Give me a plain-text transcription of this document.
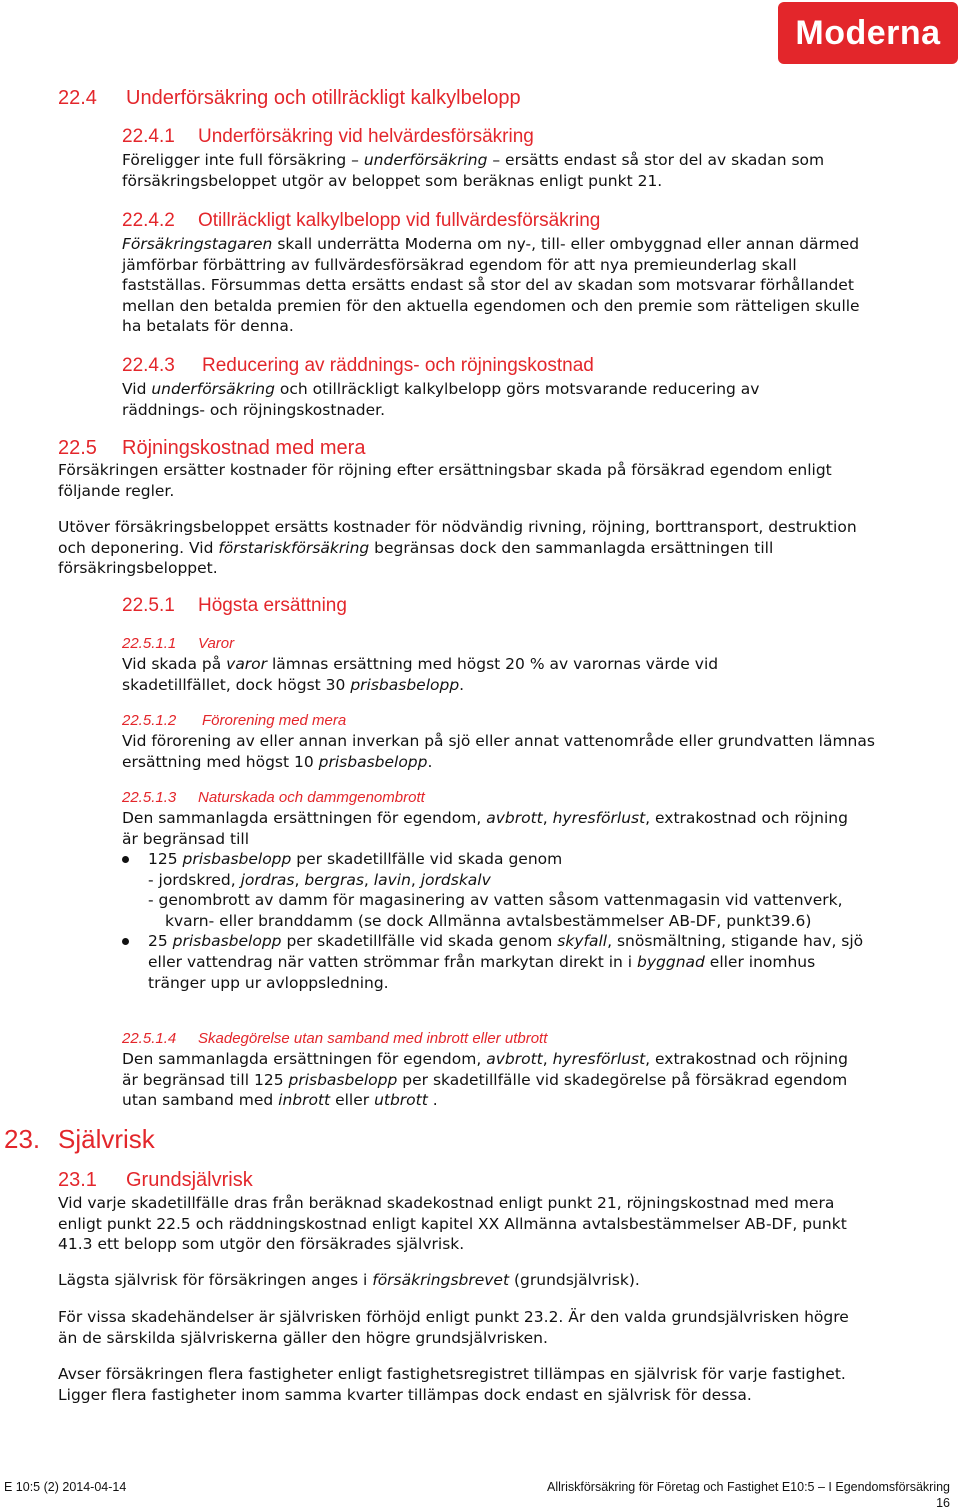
Moderna
22.4 Underförsäkring och otillräckligt kalkylbelopp
22.4.1 Underförsäkring vid helvärdesförsäkring
Föreligger inte full försäkring – underförsäkring – ersätts endast så stor del av skadan som försäkringsbeloppet utgör av beloppet som beräknas enligt punkt 21.
22.4.2 Otillräckligt kalkylbelopp vid fullvärdesförsäkring
Försäkringstagaren skall underrätta Moderna om ny-, till- eller ombyggnad eller annan därmed jämförbar förbättring av fullvärdesförsäkrad egendom för att nya premieunderlag skall fastställas. Försummas detta ersätts endast så stor del av skadan som motsvarar förhållandet mellan den betalda premien för den aktuella egendomen och den premie som rätteligen skulle ha betalats för denna.
22.4.3 Reducering av räddnings- och röjningskostnad
Vid underförsäkring och otillräckligt kalkylbelopp görs motsvarande reducering av räddnings- och röjningskostnader.
22.5 Röjningskostnad med mera
Försäkringen ersätter kostnader för röjning efter ersättningsbar skada på försäkrad egendom enligt följande regler.
Utöver försäkringsbeloppet ersätts kostnader för nödvändig rivning, röjning, borttransport, destruktion och deponering. Vid förstariskförsäkring begränsas dock den sammanlagda ersättningen till försäkringsbeloppet.
22.5.1 Högsta ersättning
22.5.1.1 Varor
Vid skada på varor lämnas ersättning med högst 20 % av varornas värde vid skadetillfället, dock högst 30 prisbasbelopp.
22.5.1.2 Förorening med mera
Vid förorening av eller annan inverkan på sjö eller annat vattenområde eller grundvatten lämnas ersättning med högst 10 prisbasbelopp.
22.5.1.3 Naturskada och dammgenombrott
Den sammanlagda ersättningen för egendom, avbrott, hyresförlust, extrakostnad och röjning är begränsad till
125 prisbasbelopp per skadetillfälle vid skada genom
- jordskred, jordras, bergras, lavin, jordskalv
- genombrott av damm för magasinering av vatten såsom vattenmagasin vid vattenverk, kvarn- eller branddamm (se dock Allmänna avtalsbestämmelser AB-DF, punkt39.6)
25 prisbasbelopp per skadetillfälle vid skada genom skyfall, snösmältning, stigande hav, sjö eller vattendrag när vatten strömmar från markytan direkt in i byggnad eller inomhus tränger upp ur avloppsledning.
22.5.1.4 Skadegörelse utan samband med inbrott eller utbrott
Den sammanlagda ersättningen för egendom, avbrott, hyresförlust, extrakostnad och röjning är begränsad till 125 prisbasbelopp per skadetillfälle vid skadegörelse på försäkrad egendom utan samband med inbrott eller utbrott .
23. Självrisk
23.1 Grundsjälvrisk
Vid varje skadetillfälle dras från beräknad skadekostnad enligt punkt 21, röjningskostnad med mera enligt punkt 22.5 och räddningskostnad enligt kapitel XX Allmänna avtalsbestämmelser AB-DF, punkt 41.3 ett belopp som utgör den försäkrades självrisk.
Lägsta självrisk för försäkringen anges i försäkringsbrevet (grundsjälvrisk).
För vissa skadehändelser är självrisken förhöjd enligt punkt 23.2. Är den valda grundsjälvrisken högre än de särskilda självriskerna gäller den högre grundsjälvrisken.
Avser försäkringen flera fastigheter enligt fastighetsregistret tillämpas en självrisk för varje fastighet. Ligger flera fastigheter inom samma kvarter tillämpas dock endast en självrisk för dessa.
E 10:5 (2) 2014-04-14	Allriskförsäkring för Företag och Fastighet E10:5 – I Egendomsförsäkring
16
